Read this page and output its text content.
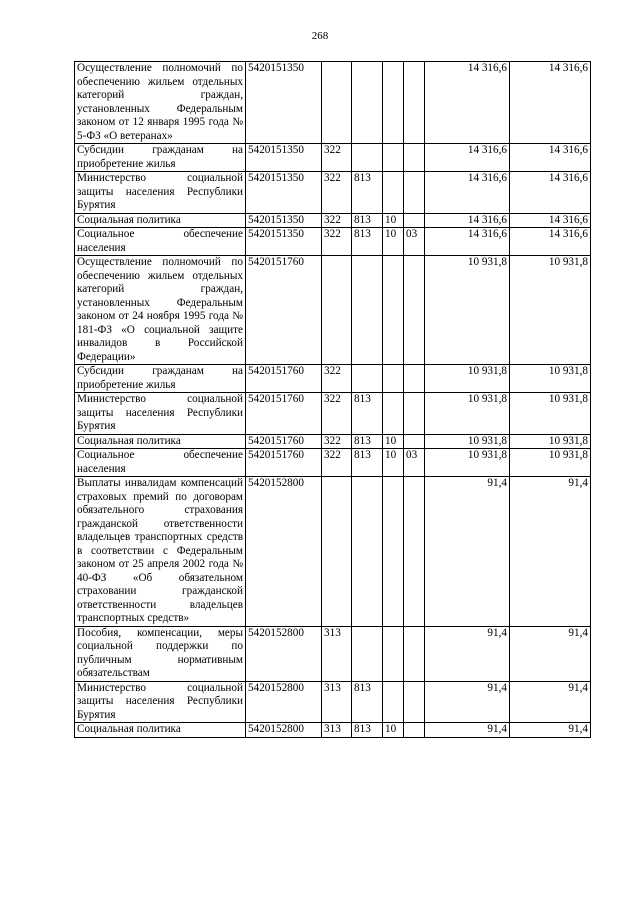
268
Осуществление полномочий по обеспечению жильем отдельных категорий граждан, установленных Федеральным законом от 12 января 1995 года № 5-ФЗ «О ветеранах»	5420151350					14 316,6	14 316,6
Субсидии гражданам на приобретение жилья	5420151350	322				14 316,6	14 316,6
Министерство социальной защиты населения Республики Бурятия	5420151350	322	813			14 316,6	14 316,6
Социальная политика	5420151350	322	813	10		14 316,6	14 316,6
Социальное обеспечение населения	5420151350	322	813	10	03	14 316,6	14 316,6
Осуществление полномочий по обеспечению жильем отдельных категорий граждан, установленных Федеральным законом от 24 ноября 1995 года № 181-ФЗ «О социальной защите инвалидов в Российской Федерации»	5420151760					10 931,8	10 931,8
Субсидии гражданам на приобретение жилья	5420151760	322				10 931,8	10 931,8
Министерство социальной защиты населения Республики Бурятия	5420151760	322	813			10 931,8	10 931,8
Социальная политика	5420151760	322	813	10		10 931,8	10 931,8
Социальное обеспечение населения	5420151760	322	813	10	03	10 931,8	10 931,8
Выплаты инвалидам компенсаций страховых премий по договорам обязательного страхования гражданской ответственности владельцев транспортных средств в соответствии с Федеральным законом от 25 апреля 2002 года № 40-ФЗ «Об обязательном страховании гражданской ответственности владельцев транспортных средств»	5420152800					91,4	91,4
Пособия, компенсации, меры социальной поддержки по публичным нормативным обязательствам	5420152800	313				91,4	91,4
Министерство социальной защиты населения Республики Бурятия	5420152800	313	813			91,4	91,4
Социальная политика	5420152800	313	813	10		91,4	91,4
